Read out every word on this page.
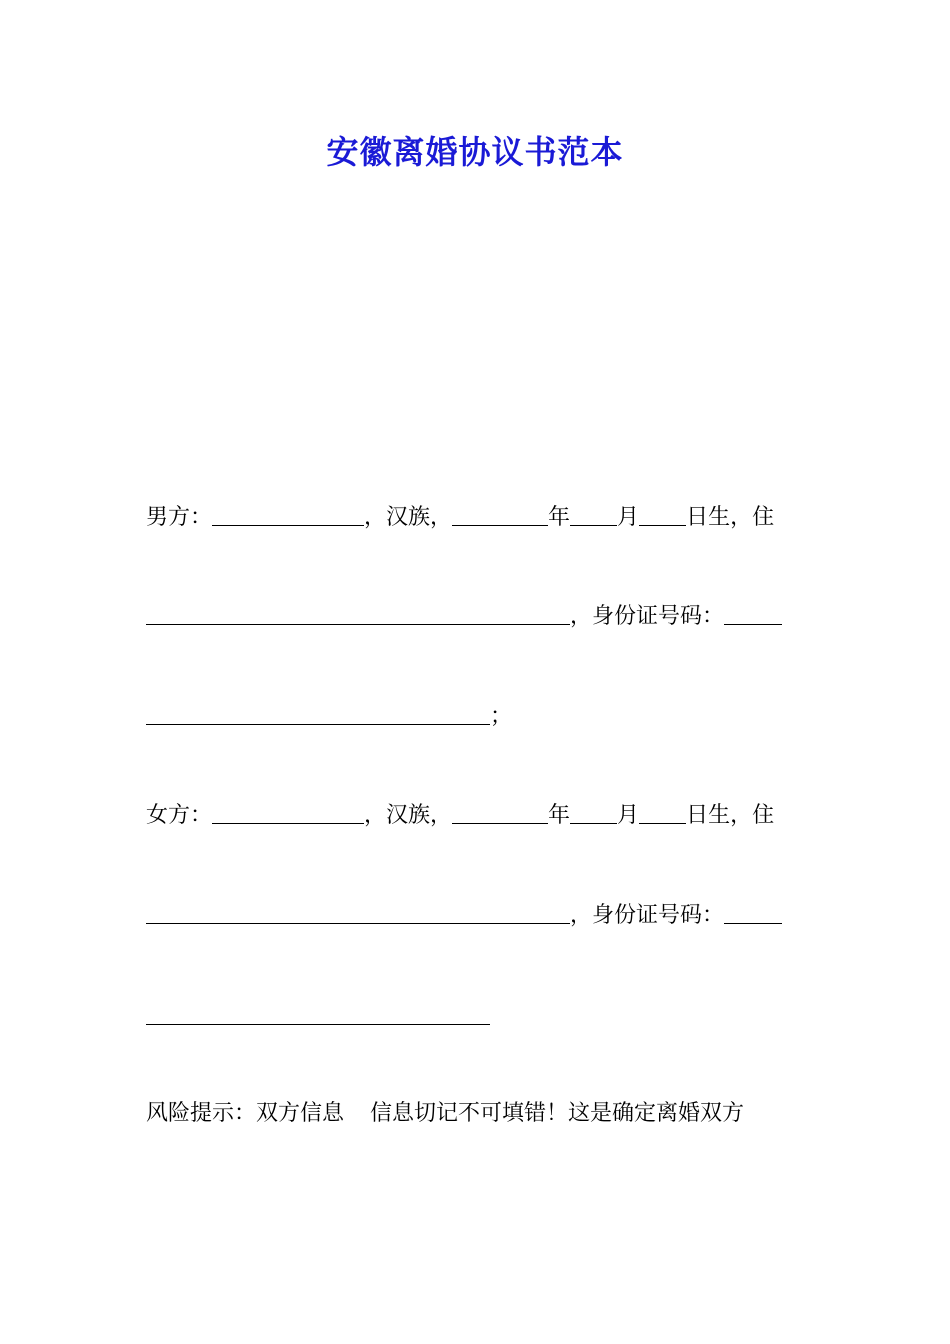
安徽离婚协议书范本
男方：	，汉族，	年 月 日生，住
，身份证号码：
；
女方：	，汉族，	年 月 日生，住
，身份证号码：
风险提示：双方信息 信息切记不可填错！这是确定离婚双方
